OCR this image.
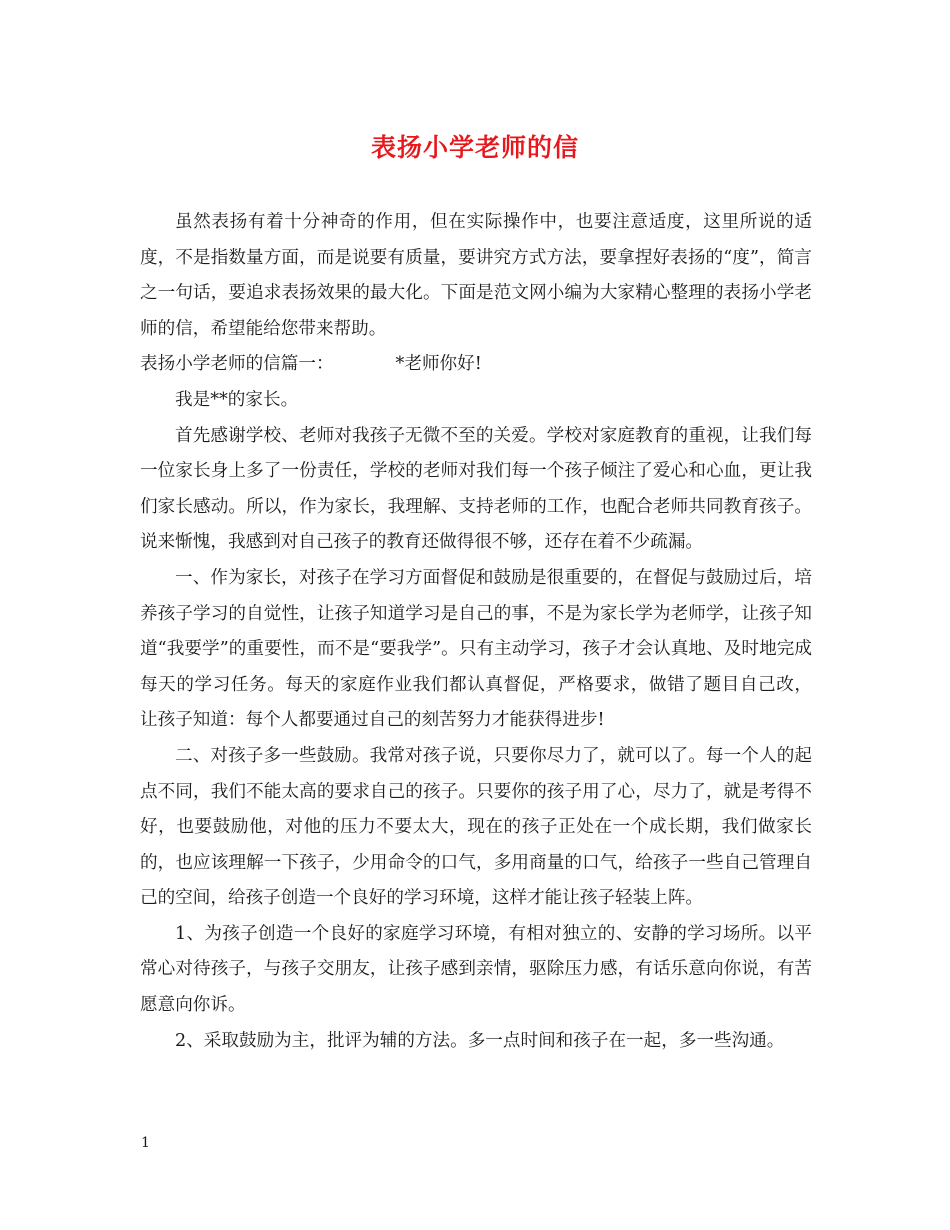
表扬小学老师的信

虽然表扬有着十分神奇的作用，但在实际操作中，也要注意适度，这里所说的适度，不是指数量方面，而是说要有质量，要讲究方式方法，要拿捏好表扬的“度”，简言之一句话，要追求表扬效果的最大化。下面是范文网小编为大家精心整理的表扬小学老师的信，希望能给您带来帮助。

表扬小学老师的信篇一：	*老师你好!

我是**的家长。

首先感谢学校、老师对我孩子无微不至的关爱。学校对家庭教育的重视，让我们每一位家长身上多了一份责任，学校的老师对我们每一个孩子倾注了爱心和心血，更让我们家长感动。所以，作为家长，我理解、支持老师的工作，也配合老师共同教育孩子。说来惭愧，我感到对自己孩子的教育还做得很不够，还存在着不少疏漏。

一、作为家长，对孩子在学习方面督促和鼓励是很重要的，在督促与鼓励过后，培养孩子学习的自觉性，让孩子知道学习是自己的事，不是为家长学为老师学，让孩子知道“我要学”的重要性，而不是“要我学”。只有主动学习，孩子才会认真地、及时地完成每天的学习任务。每天的家庭作业我们都认真督促，严格要求，做错了题目自己改， 让孩子知道：每个人都要通过自己的刻苦努力才能获得进步!

二、对孩子多一些鼓励。我常对孩子说，只要你尽力了，就可以了。每一个人的起点不同，我们不能太高的要求自己的孩子。只要你的孩子用了心，尽力了，就是考得不好，也要鼓励他，对他的压力不要太大，现在的孩子正处在一个成长期，我们做家长的，也应该理解一下孩子，少用命令的口气，多用商量的口气，给孩子一些自己管理自己的空间，给孩子创造一个良好的学习环境，这样才能让孩子轻装上阵。

1、为孩子创造一个良好的家庭学习环境，有相对独立的、安静的学习场所。以平常心对待孩子，与孩子交朋友，让孩子感到亲情，驱除压力感，有话乐意向你说，有苦愿意向你诉。

2、采取鼓励为主，批评为辅的方法。多一点时间和孩子在一起，多一些沟通。

1
